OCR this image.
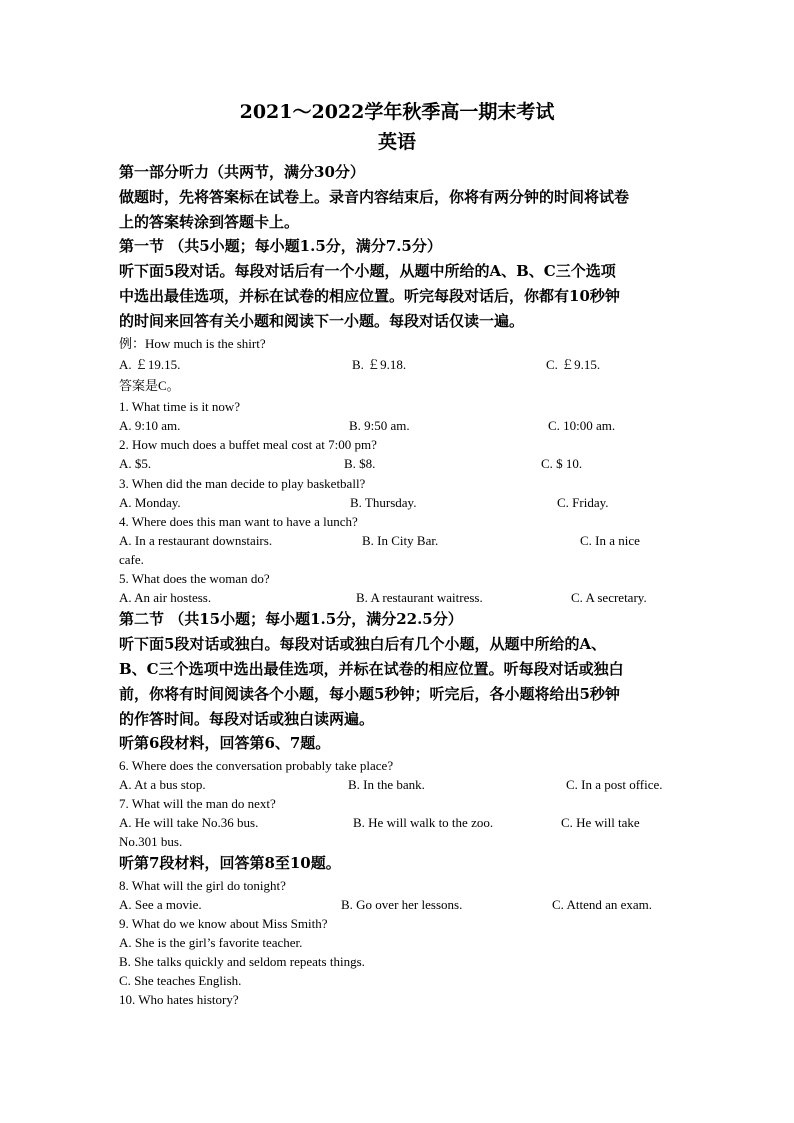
2021～2022学年秋季高一期末考试
英语
第一部分听力（共两节，满分30分）
做题时，先将答案标在试卷上。录音内容结束后，你将有两分钟的时间将试卷
上的答案转涂到答题卡上。
第一节 （共5小题；每小题1.5分，满分7.5分）
听下面5段对话。每段对话后有一个小题，从题中所给的A、B、C三个选项
中选出最佳选项，并标在试卷的相应位置。听完每段对话后，你都有10秒钟
的时间来回答有关小题和阅读下一小题。每段对话仅读一遍。
例：How much is the shirt?
A. ￡19.15.	B. ￡9.18.	C. ￡9.15.
答案是C。
1. What time is it now?
A. 9:10 am.	B. 9:50 am.	C. 10:00 am.
2. How much does a buffet meal cost at 7:00 pm?
A. $5.	B. $8.	C. $ 10.
3. When did the man decide to play basketball?
A. Monday.	B. Thursday.	C. Friday.
4. Where does this man want to have a lunch?
A. In a restaurant downstairs.	B. In City Bar.	C. In a nice
cafe.
5. What does the woman do?
A. An air hostess.	B. A restaurant waitress.	C. A secretary.
第二节 （共15小题；每小题1.5分，满分22.5分）
听下面5段对话或独白。每段对话或独白后有几个小题，从题中所给的A、
B、C三个选项中选出最佳选项，并标在试卷的相应位置。听每段对话或独白
前，你将有时间阅读各个小题，每小题5秒钟；听完后，各小题将给出5秒钟
的作答时间。每段对话或独白读两遍。
听第6段材料，回答第6、7题。
6. Where does the conversation probably take place?
A. At a bus stop.	B. In the bank.	C. In a post office.
7. What will the man do next?
A. He will take No.36 bus.	B. He will walk to the zoo.	C. He will take
No.301 bus.
听第7段材料，回答第8至10题。
8. What will the girl do tonight?
A. See a movie.	B. Go over her lessons.	C. Attend an exam.
9. What do we know about Miss Smith?
A. She is the girl’s favorite teacher.
B. She talks quickly and seldom repeats things.
C. She teaches English.
10. Who hates history?
